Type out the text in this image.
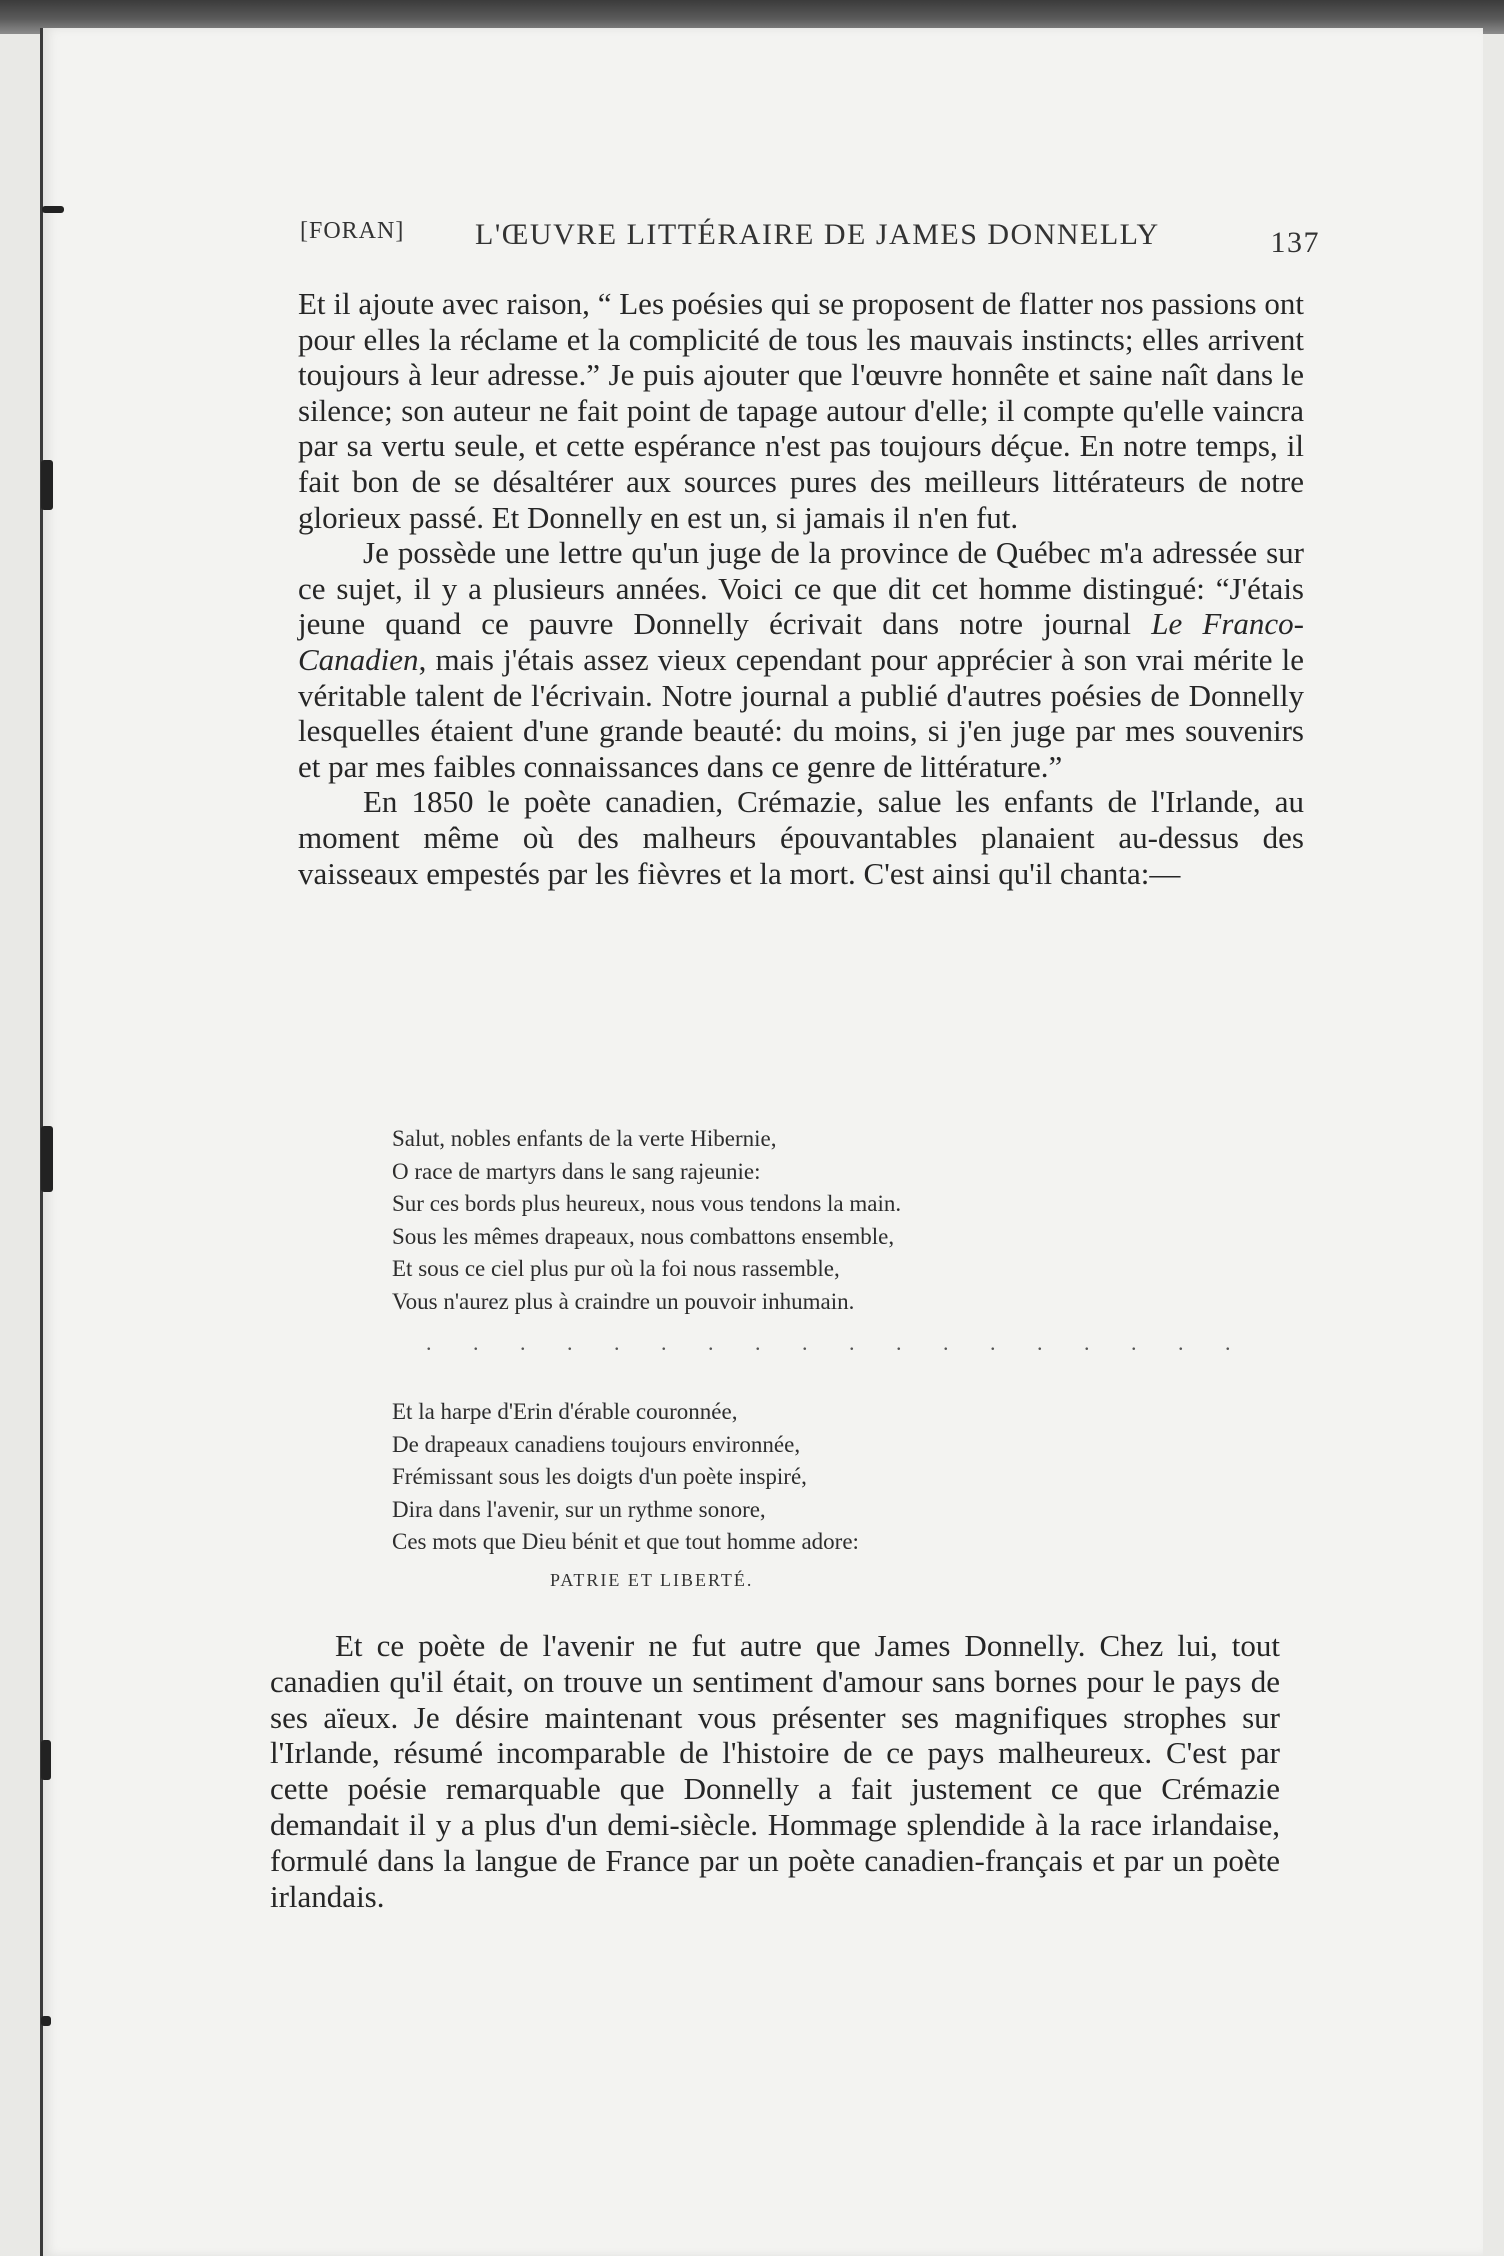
[FORAN] L'ŒUVRE LITTÉRAIRE DE JAMES DONNELLY	137

Et il ajoute avec raison, “ Les poésies qui se proposent de flatter nos passions ont pour elles la réclame et la complicité de tous les mauvais instincts; elles arrivent toujours à leur adresse.” Je puis ajouter que l'œuvre honnête et saine naît dans le silence; son auteur ne fait point de tapage autour d'elle; il compte qu'elle vaincra par sa vertu seule, et cette espérance n'est pas toujours déçue. En notre temps, il fait bon de se désaltérer aux sources pures des meilleurs littérateurs de notre glorieux passé. Et Donnelly en est un, si jamais il n'en fut.

Je possède une lettre qu'un juge de la province de Québec m'a adressée sur ce sujet, il y a plusieurs années. Voici ce que dit cet homme distingué: “J'étais jeune quand ce pauvre Donnelly écrivait dans notre journal Le Franco-Canadien, mais j'étais assez vieux cependant pour apprécier à son vrai mérite le véritable talent de l'écrivain. Notre journal a publié d'autres poésies de Donnelly lesquelles étaient d'une grande beauté: du moins, si j'en juge par mes souvenirs et par mes faibles connaissances dans ce genre de littérature.”

En 1850 le poète canadien, Crémazie, salue les enfants de l'Irlande, au moment même où des malheurs épouvantables planaient au-dessus des vaisseaux empestés par les fièvres et la mort. C'est ainsi qu'il chanta:—

Salut, nobles enfants de la verte Hibernie,
O race de martyrs dans le sang rajeunie:
Sur ces bords plus heureux, nous vous tendons la main.
Sous les mêmes drapeaux, nous combattons ensemble,
Et sous ce ciel plus pur où la foi nous rassemble,
Vous n'aurez plus à craindre un pouvoir inhumain.
. . . . . . . . . . . . . . . . . .
Et la harpe d'Erin d'érable couronnée,
De drapeaux canadiens toujours environnée,
Frémissant sous les doigts d'un poète inspiré,
Dira dans l'avenir, sur un rythme sonore,
Ces mots que Dieu bénit et que tout homme adore:
PATRIE ET LIBERTÉ.

Et ce poète de l'avenir ne fut autre que James Donnelly. Chez lui, tout canadien qu'il était, on trouve un sentiment d'amour sans bornes pour le pays de ses aïeux. Je désire maintenant vous présenter ses magnifiques strophes sur l'Irlande, résumé incomparable de l'histoire de ce pays malheureux. C'est par cette poésie remarquable que Donnelly a fait justement ce que Crémazie demandait il y a plus d'un demi-siècle. Hommage splendide à la race irlandaise, formulé dans la langue de France par un poète canadien-français et par un poète irlandais.
